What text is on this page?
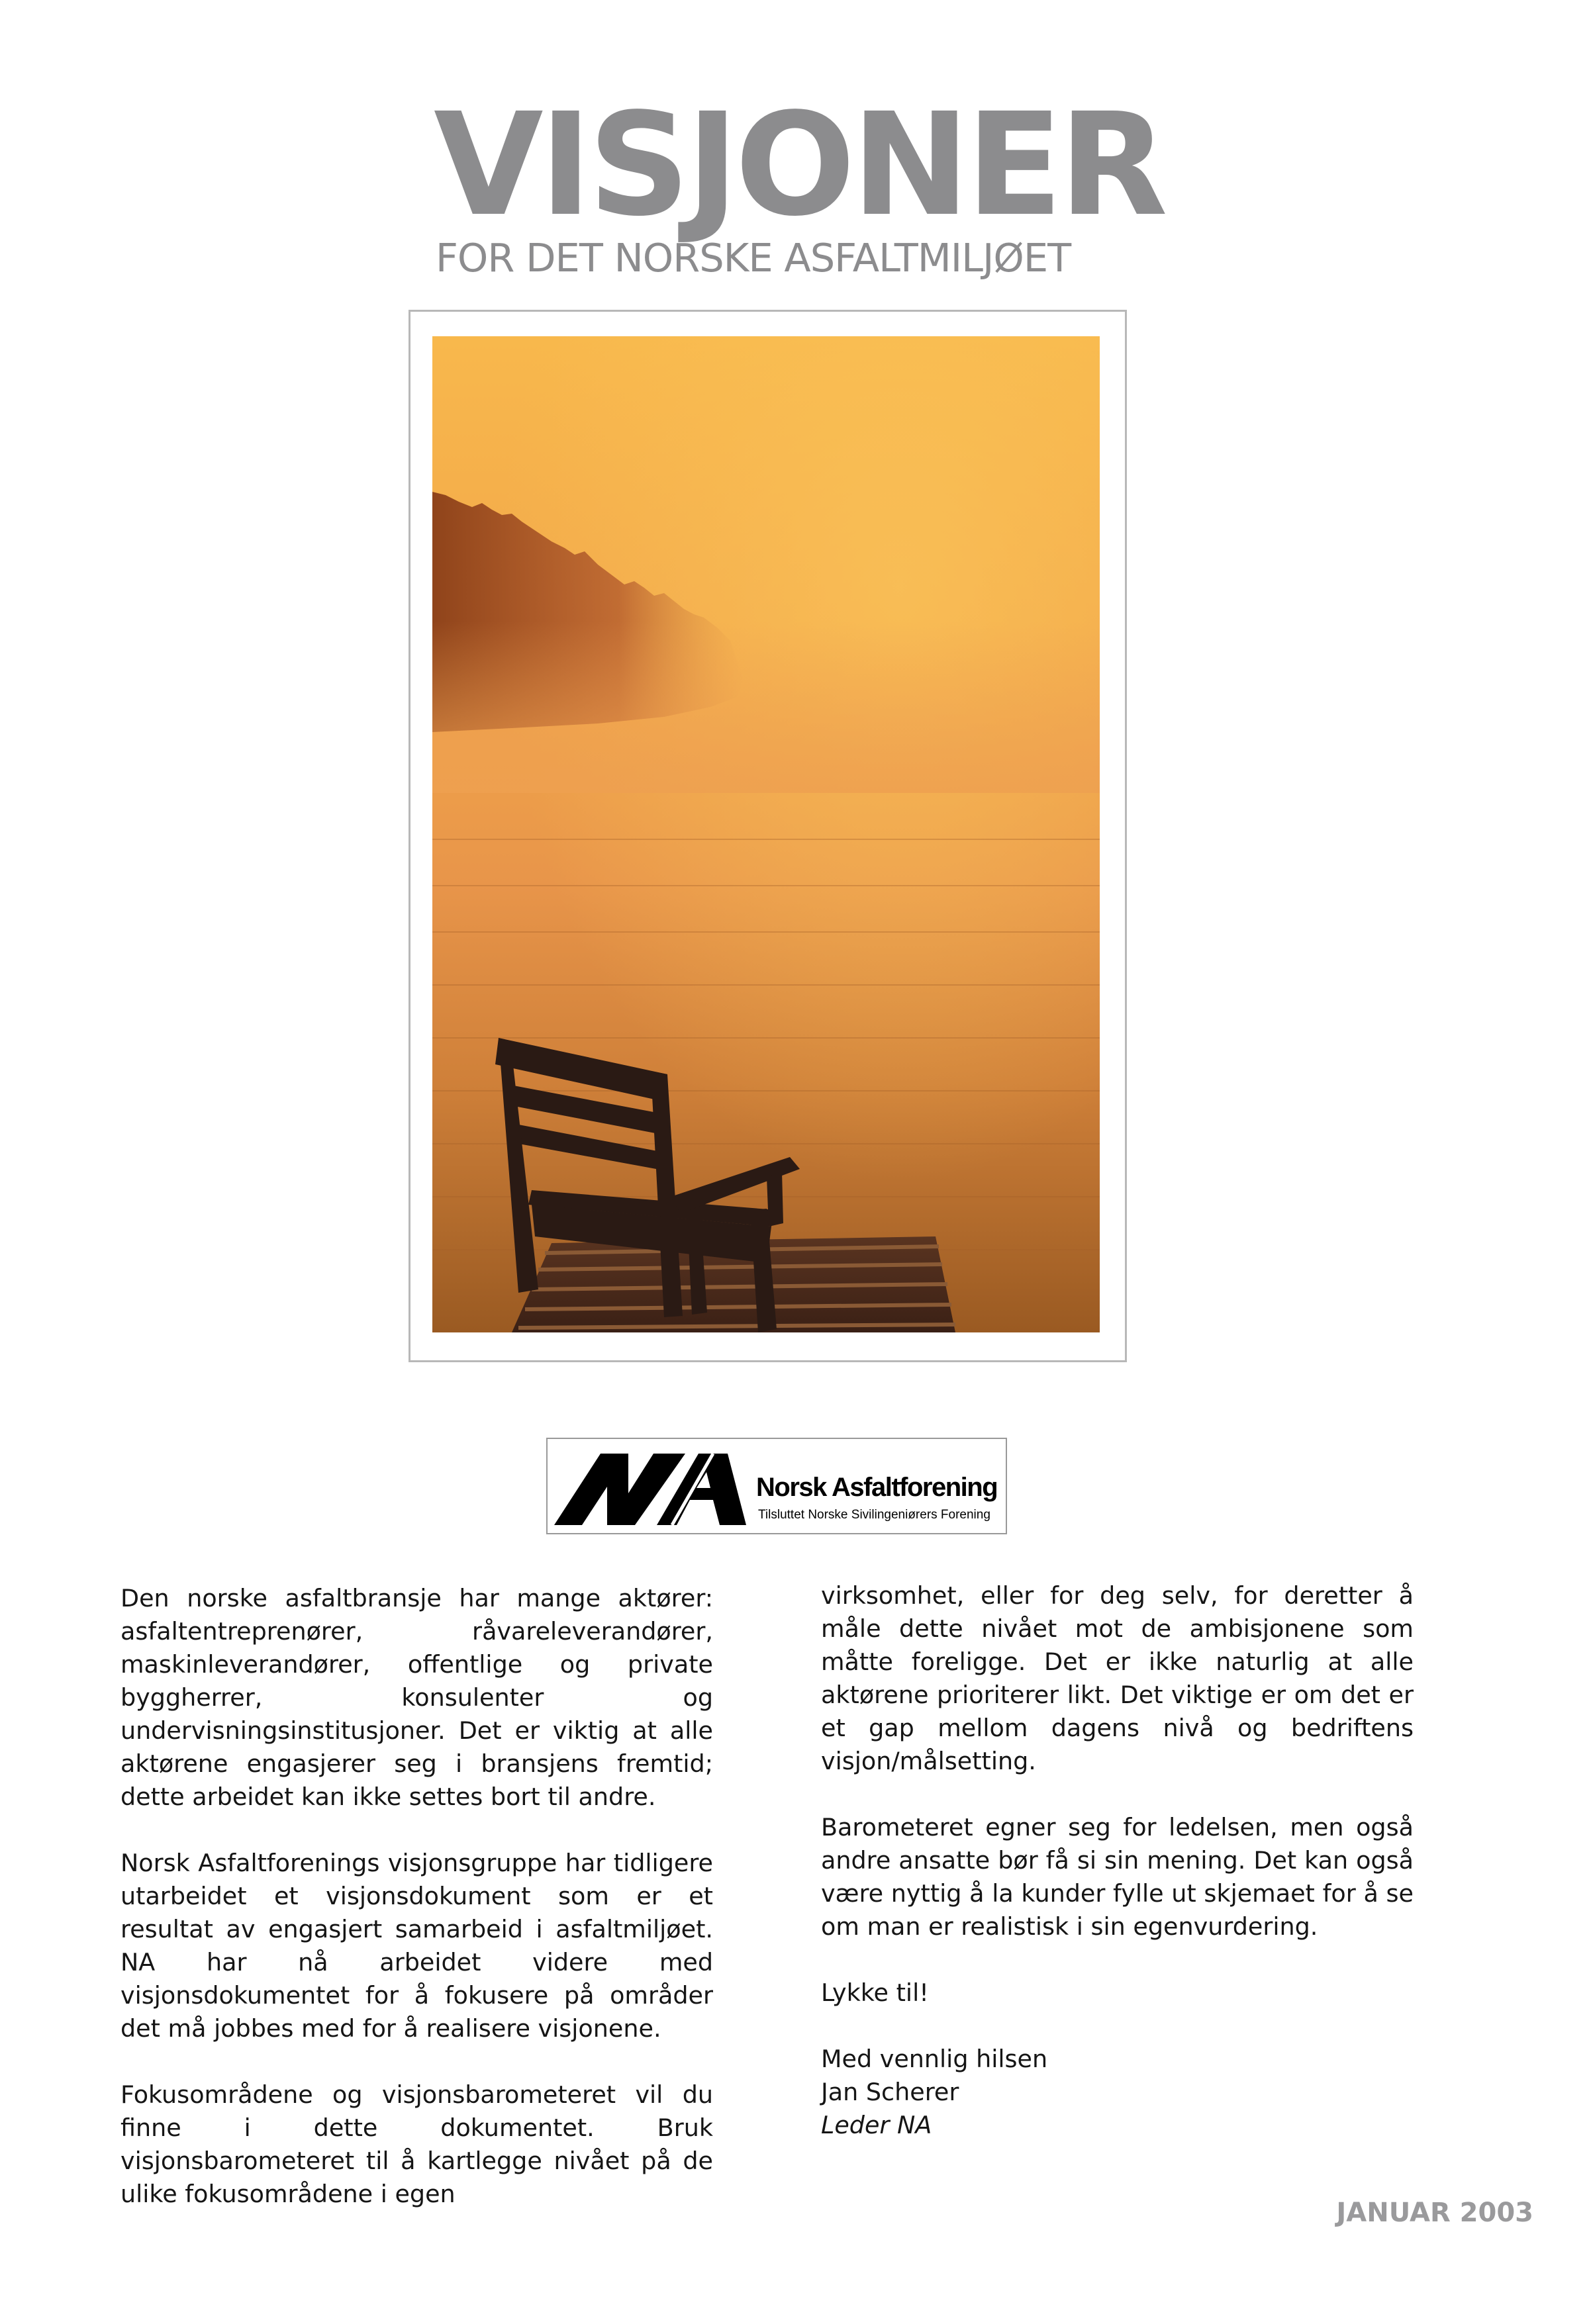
VISJONER
FOR DET NORSKE ASFALTMILJØET
Norsk Asfaltforening
Tilsluttet Norske Sivilingeniørers Forening

Den norske asfaltbransje har mange aktører: asfaltentreprenører, råvareleverandører, maskinleverandører, offentlige og private byggherrer, konsulenter og undervisningsinstitusjoner. Det er viktig at alle aktørene engasjerer seg i bransjens fremtid; dette arbeidet kan ikke settes bort til andre.

Norsk Asfaltforenings visjonsgruppe har tidligere utarbeidet et visjonsdokument som er et resultat av engasjert samarbeid i asfaltmiljøet. NA har nå arbeidet videre med visjonsdokumentet for å fokusere på områder det må jobbes med for å realisere visjonene.

Fokusområdene og visjonsbarometeret vil du finne i dette dokumentet. Bruk visjonsbarometeret til å kartlegge nivået på de ulike fokusområdene i egen

virksomhet, eller for deg selv, for deretter å måle dette nivået mot de ambisjonene som måtte foreligge. Det er ikke naturlig at alle aktørene prioriterer likt. Det viktige er om det er et gap mellom dagens nivå og bedriftens visjon/målsetting.

Barometeret egner seg for ledelsen, men også andre ansatte bør få si sin mening. Det kan også være nyttig å la kunder fylle ut skjemaet for å se om man er realistisk i sin egenvurdering.

Lykke til!

Med vennlig hilsen

Jan Scherer

Leder NA

JANUAR 2003
